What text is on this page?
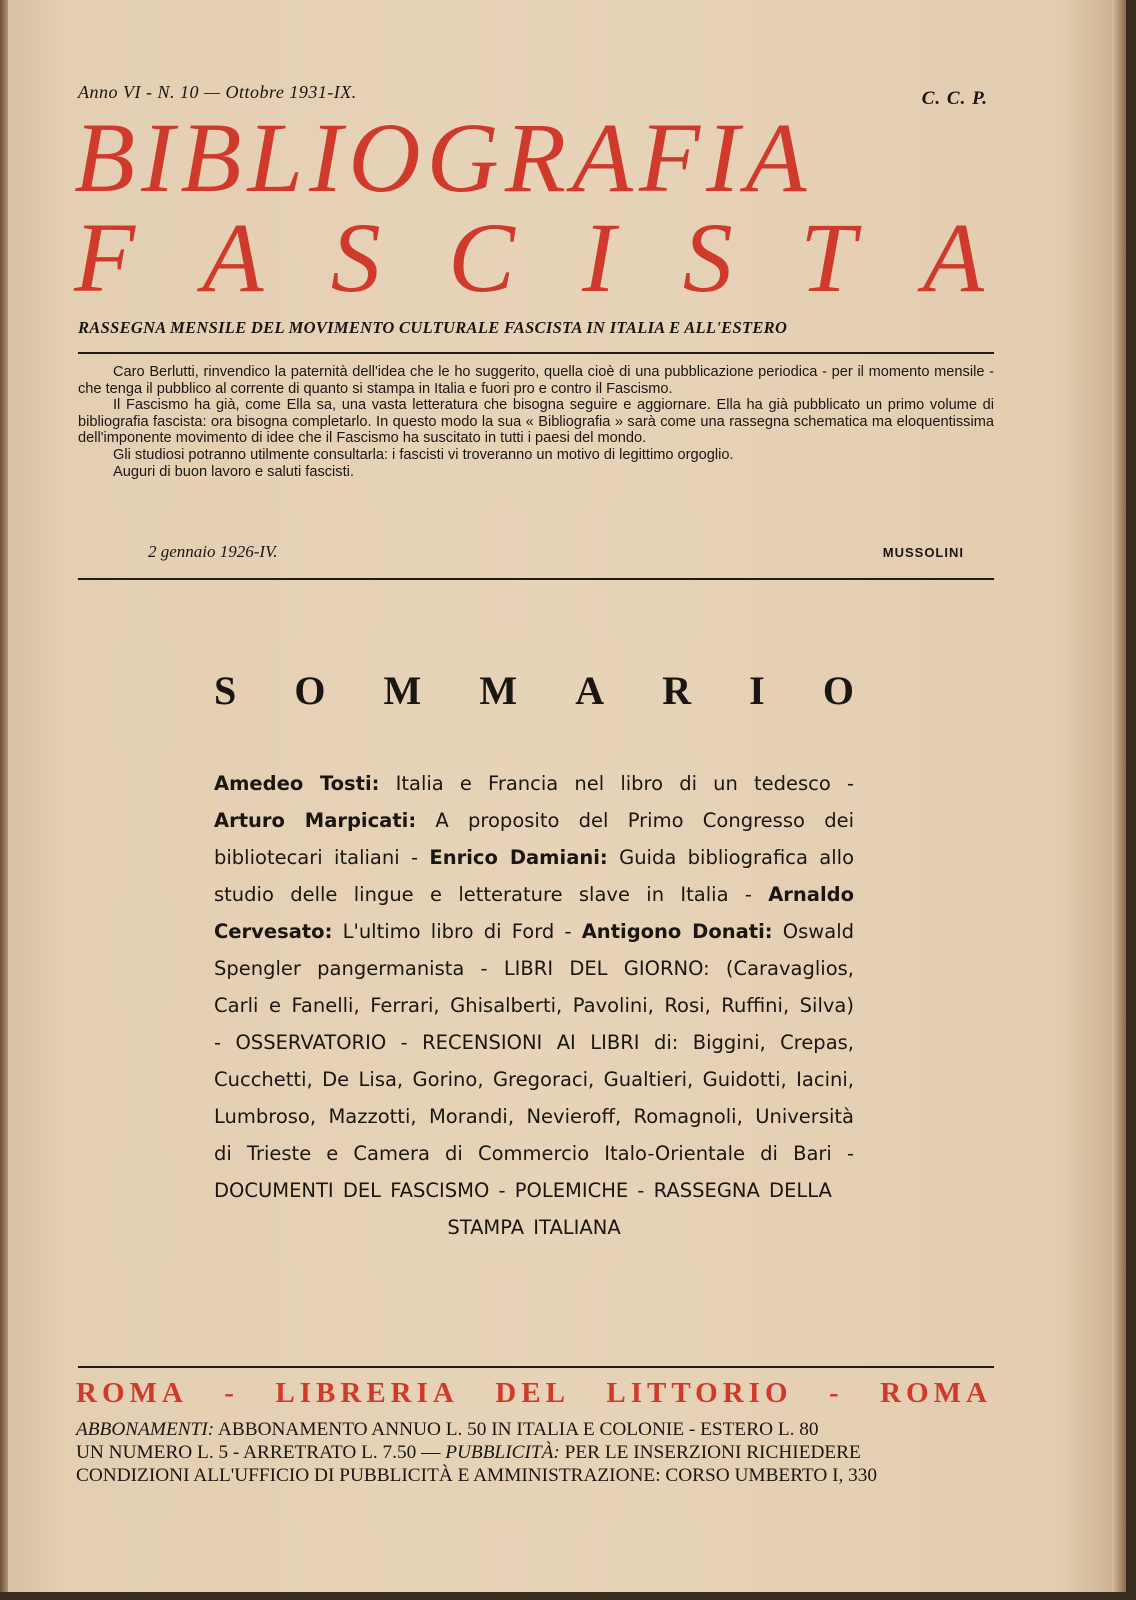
Anno VI - N. 10 — Ottobre 1931-IX.	C. C. P.
BIBLIOGRAFIA
F A S C I S T A
RASSEGNA MENSILE DEL MOVIMENTO CULTURALE FASCISTA IN ITALIA E ALL'ESTERO

Caro Berlutti, rinvendico la paternità dell'idea che le ho suggerito, quella cioè di una pubblicazione periodica - per il momento mensile - che tenga il pubblico al corrente di quanto si stampa in Italia e fuori pro e contro il Fascismo.

Il Fascismo ha già, come Ella sa, una vasta letteratura che bisogna seguire e aggiornare. Ella ha già pubblicato un primo volume di bibliografia fascista: ora bisogna completarlo. In questo modo la sua « Bibliografia » sarà come una rassegna schematica ma eloquentissima dell'imponente movimento di idee che il Fascismo ha suscitato in tutti i paesi del mondo.

Gli studiosi potranno utilmente consultarla: i fascisti vi troveranno un motivo di legittimo orgoglio.

Auguri di buon lavoro e saluti fascisti.

2 gennaio 1926-IV.	MUSSOLINI
S O M M A R I O
Amedeo Tosti: Italia e Francia nel libro di un tedesco - Arturo Marpicati: A proposito del Primo Congresso dei bibliotecari italiani - Enrico Damiani: Guida bibliografica allo studio delle lingue e letterature slave in Italia - Arnaldo Cervesato: L'ultimo libro di Ford - Antigono Donati: Oswald Spengler pangermanista - LIBRI DEL GIORNO: (Caravaglios, Carli e Fanelli, Ferrari, Ghisalberti, Pavolini, Rosi, Ruffini, Silva) - OSSERVATORIO - RECENSIONI AI LIBRI di: Biggini, Crepas, Cucchetti, De Lisa, Gorino, Gregoraci, Gualtieri, Guidotti, Iacini, Lumbroso, Mazzotti, Morandi, Nevieroff, Romagnoli, Università di Trieste e Camera di Commercio Italo-Orientale di Bari - DOCUMENTI DEL FASCISMO - POLEMICHE - RASSEGNA DELLA
STAMPA ITALIANA
ROMA - LIBRERIA DEL LITTORIO - ROMA
ABBONAMENTI: ABBONAMENTO ANNUO L. 50 IN ITALIA E COLONIE - ESTERO L. 80
UN NUMERO L. 5 - ARRETRATO L. 7.50 — PUBBLICITÀ: PER LE INSERZIONI RICHIEDERE
CONDIZIONI ALL'UFFICIO DI PUBBLICITÀ E AMMINISTRAZIONE: CORSO UMBERTO I, 330
